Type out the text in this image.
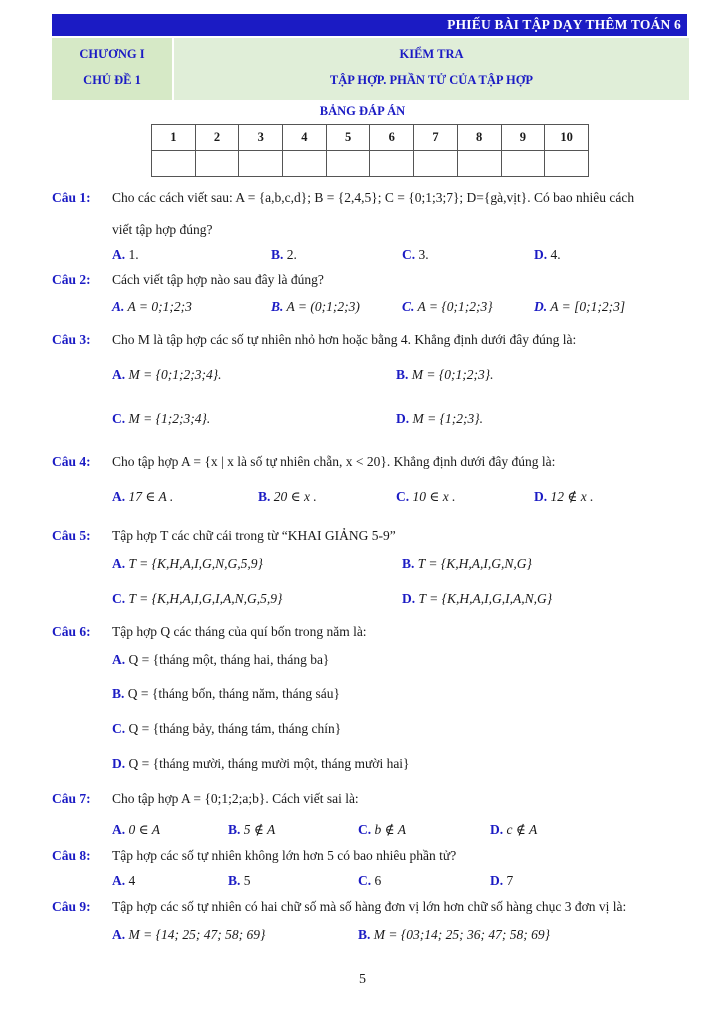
PHIẾU BÀI TẬP DẠY THÊM TOÁN 6
CHƯƠNG I
CHỦ ĐỀ 1
KIỂM TRA
TẬP HỢP. PHẦN TỬ CỦA TẬP HỢP
BẢNG ĐÁP ÁN
1	2	3	4	5	6	7	8	9	10

Câu 1: Cho các cách viết sau: A = {a,b,c,d}; B = {2,4,5}; C = {0;1;3;7}; D={gà,vịt}. Có bao nhiêu cách
viết tập hợp đúng?
A. 1.	B. 2.	C. 3.	D. 4.
Câu 2: Cách viết tập hợp nào sau đây là đúng?
A. A = 0;1;2;3	B. A = (0;1;2;3)	C. A = {0;1;2;3}	D. A = [0;1;2;3]
Câu 3: Cho M là tập hợp các số tự nhiên nhỏ hơn hoặc bằng 4. Khẳng định dưới đây đúng là:
A. M = {0;1;2;3;4}.	B. M = {0;1;2;3}.
C. M = {1;2;3;4}.	D. M = {1;2;3}.
Câu 4: Cho tập hợp A = {x | x là số tự nhiên chẵn, x < 20}. Khẳng định dưới đây đúng là:
A. 17 ∈ A .	B. 20 ∈ x .	C. 10 ∈ x .	D. 12 ∉ x .
Câu 5: Tập hợp T các chữ cái trong từ “KHAI GIẢNG 5-9”
A. T = {K,H,A,I,G,N,G,5,9}	B. T = {K,H,A,I,G,N,G}
C. T = {K,H,A,I,G,I,A,N,G,5,9}	D. T = {K,H,A,I,G,I,A,N,G}
Câu 6: Tập hợp Q các tháng của quí bốn trong năm là:
A. Q = {tháng một, tháng hai, tháng ba}
B. Q = {tháng bốn, tháng năm, tháng sáu}
C. Q = {tháng bảy, tháng tám, tháng chín}
D. Q = {tháng mười, tháng mười một, tháng mười hai}
Câu 7: Cho tập hợp A = {0;1;2;a;b}. Cách viết sai là:
A. 0 ∈ A	B. 5 ∉ A	C. b ∉ A	D. c ∉ A
Câu 8: Tập hợp các số tự nhiên không lớn hơn 5 có bao nhiêu phần tử?
A. 4	B. 5	C. 6	D. 7
Câu 9: Tập hợp các số tự nhiên có hai chữ số mà số hàng đơn vị lớn hơn chữ số hàng chục 3 đơn vị là:
A. M = {14; 25; 47; 58; 69}	B. M = {03;14; 25; 36; 47; 58; 69}
5
